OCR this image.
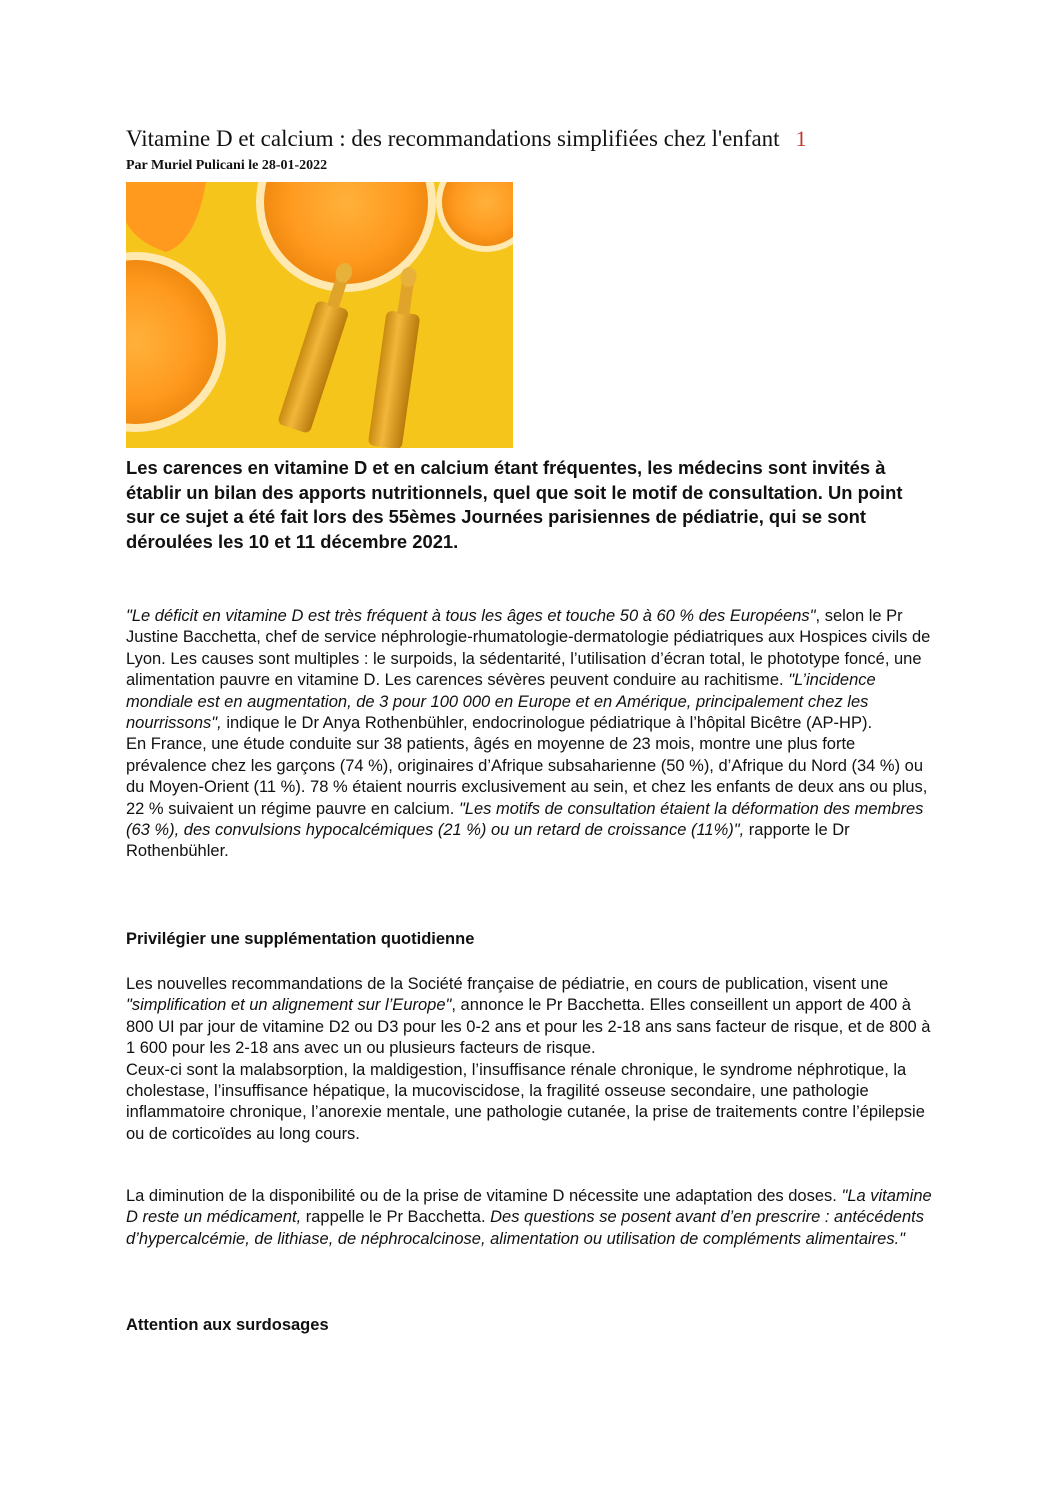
Vitamine D et calcium : des recommandations simplifiées chez l'enfant 1
Par Muriel Pulicani le 28-01-2022

Les carences en vitamine D et en calcium étant fréquentes, les médecins sont invités à établir un bilan des apports nutritionnels, quel que soit le motif de consultation. Un point sur ce sujet a été fait lors des 55èmes Journées parisiennes de pédiatrie, qui se sont déroulées les 10 et 11 décembre 2021.

"Le déficit en vitamine D est très fréquent à tous les âges et touche 50 à 60 % des Européens", selon le Pr Justine Bacchetta, chef de service néphrologie-rhumatologie-dermatologie pédiatriques aux Hospices civils de Lyon. Les causes sont multiples : le surpoids, la sédentarité, l’utilisation d’écran total, le phototype foncé, une alimentation pauvre en vitamine D. Les carences sévères peuvent conduire au rachitisme. "L’incidence mondiale est en augmentation, de 3 pour 100 000 en Europe et en Amérique, principalement chez les nourrissons", indique le Dr Anya Rothenbühler, endocrinologue pédiatrique à l’hôpital Bicêtre (AP-HP).
En France, une étude conduite sur 38 patients, âgés en moyenne de 23 mois, montre une plus forte prévalence chez les garçons (74 %), originaires d’Afrique subsaharienne (50 %), d’Afrique du Nord (34 %) ou du Moyen-Orient (11 %). 78 % étaient nourris exclusivement au sein, et chez les enfants de deux ans ou plus, 22 % suivaient un régime pauvre en calcium. "Les motifs de consultation étaient la déformation des membres (63 %), des convulsions hypocalcémiques (21 %) ou un retard de croissance (11%)", rapporte le Dr Rothenbühler.

Privilégier une supplémentation quotidienne

Les nouvelles recommandations de la Société française de pédiatrie, en cours de publication, visent une "simplification et un alignement sur l’Europe", annonce le Pr Bacchetta. Elles conseillent un apport de 400 à 800 UI par jour de vitamine D2 ou D3 pour les 0-2 ans et pour les 2-18 ans sans facteur de risque, et de 800 à 1 600 pour les 2-18 ans avec un ou plusieurs facteurs de risque.
Ceux-ci sont la malabsorption, la maldigestion, l’insuffisance rénale chronique, le syndrome néphrotique, la cholestase, l’insuffisance hépatique, la mucoviscidose, la fragilité osseuse secondaire, une pathologie inflammatoire chronique, l’anorexie mentale, une pathologie cutanée, la prise de traitements contre l’épilepsie ou de corticoïdes au long cours.

La diminution de la disponibilité ou de la prise de vitamine D nécessite une adaptation des doses. "La vitamine D reste un médicament, rappelle le Pr Bacchetta. Des questions se posent avant d’en prescrire : antécédents d’hypercalcémie, de lithiase, de néphrocalcinose, alimentation ou utilisation de compléments alimentaires."

Attention aux surdosages
